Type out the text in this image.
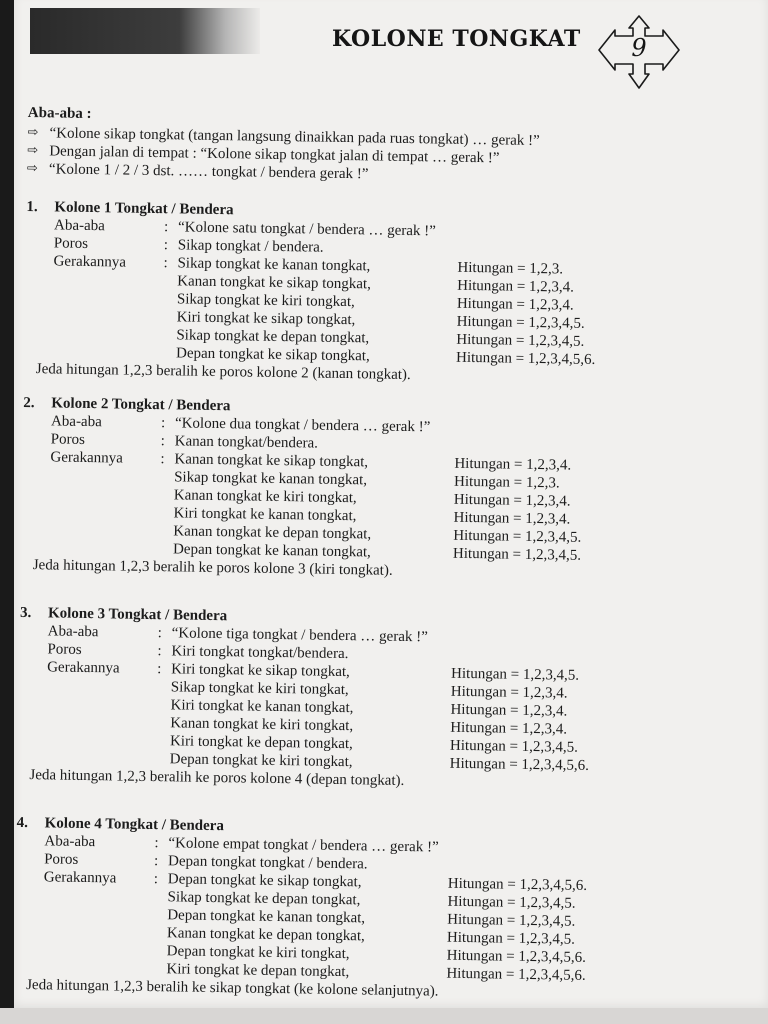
KOLONE TONGKAT	9
Aba-aba :
⇨ “Kolone sikap tongkat (tangan langsung dinaikkan pada ruas tongkat) … gerak !”
⇨ Dengan jalan di tempat : “Kolone sikap tongkat jalan di tempat … gerak !”
⇨ “Kolone 1 / 2 / 3 dst. …… tongkat / bendera gerak !”
1.	Kolone 1 Tongkat / Bendera
Aba-aba	: “Kolone satu tongkat / bendera … gerak !”
Poros	: Sikap tongkat / bendera.
Gerakannya	: Sikap tongkat ke kanan tongkat,	Hitungan = 1,2,3.
Kanan tongkat ke sikap tongkat,	Hitungan = 1,2,3,4.
Sikap tongkat ke kiri tongkat,	Hitungan = 1,2,3,4.
Kiri tongkat ke sikap tongkat,	Hitungan = 1,2,3,4,5.
Sikap tongkat ke depan tongkat,	Hitungan = 1,2,3,4,5.
Depan tongkat ke sikap tongkat,	Hitungan = 1,2,3,4,5,6.
Jeda hitungan 1,2,3 beralih ke poros kolone 2 (kanan tongkat).
2.	Kolone 2 Tongkat / Bendera
Aba-aba	: “Kolone dua tongkat / bendera … gerak !”
Poros	: Kanan tongkat/bendera.
Gerakannya	: Kanan tongkat ke sikap tongkat,	Hitungan = 1,2,3,4.
Sikap tongkat ke kanan tongkat,	Hitungan = 1,2,3.
Kanan tongkat ke kiri tongkat,	Hitungan = 1,2,3,4.
Kiri tongkat ke kanan tongkat,	Hitungan = 1,2,3,4.
Kanan tongkat ke depan tongkat,	Hitungan = 1,2,3,4,5.
Depan tongkat ke kanan tongkat,	Hitungan = 1,2,3,4,5.
Jeda hitungan 1,2,3 beralih ke poros kolone 3 (kiri tongkat).
3.	Kolone 3 Tongkat / Bendera
Aba-aba	: “Kolone tiga tongkat / bendera … gerak !”
Poros	: Kiri tongkat tongkat/bendera.
Gerakannya	: Kiri tongkat ke sikap tongkat,	Hitungan = 1,2,3,4,5.
Sikap tongkat ke kiri tongkat,	Hitungan = 1,2,3,4.
Kiri tongkat ke kanan tongkat,	Hitungan = 1,2,3,4.
Kanan tongkat ke kiri tongkat,	Hitungan = 1,2,3,4.
Kiri tongkat ke depan tongkat,	Hitungan = 1,2,3,4,5.
Depan tongkat ke kiri tongkat,	Hitungan = 1,2,3,4,5,6.
Jeda hitungan 1,2,3 beralih ke poros kolone 4 (depan tongkat).
4.	Kolone 4 Tongkat / Bendera
Aba-aba	: “Kolone empat tongkat / bendera … gerak !”
Poros	: Depan tongkat tongkat / bendera.
Gerakannya	: Depan tongkat ke sikap tongkat,	Hitungan = 1,2,3,4,5,6.
Sikap tongkat ke depan tongkat,	Hitungan = 1,2,3,4,5.
Depan tongkat ke kanan tongkat,	Hitungan = 1,2,3,4,5.
Kanan tongkat ke depan tongkat,	Hitungan = 1,2,3,4,5.
Depan tongkat ke kiri tongkat,	Hitungan = 1,2,3,4,5,6.
Kiri tongkat ke depan tongkat,	Hitungan = 1,2,3,4,5,6.
Jeda hitungan 1,2,3 beralih ke sikap tongkat (ke kolone selanjutnya).
